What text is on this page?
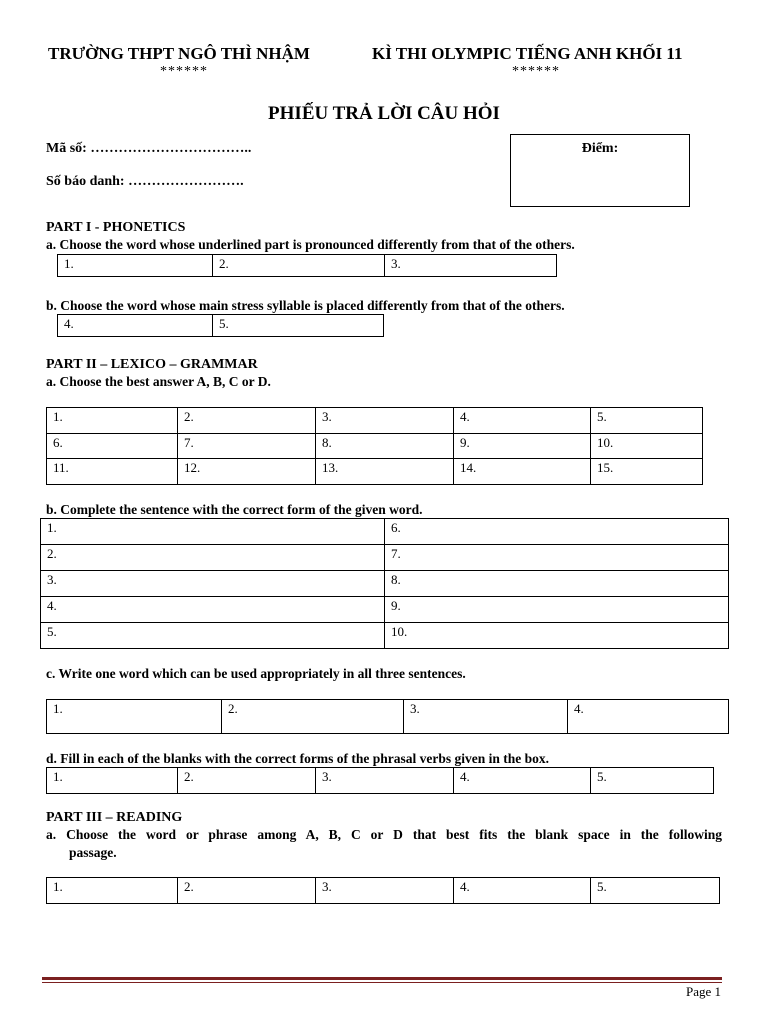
TRƯỜNG THPT NGÔ THÌ NHẬM
******
KÌ THI OLYMPIC TIẾNG ANH KHỐI 11
******
PHIẾU TRẢ LỜI CÂU HỎI
Mã số: ……………………………..
Số báo danh: …………………….
Điểm:
PART I - PHONETICS
a. Choose the word whose underlined part is pronounced differently from that of the others.
1.	2.	3.
b. Choose the word whose main stress syllable is placed differently from that of the others.
4.	5.
PART II – LEXICO – GRAMMAR
a. Choose the best answer A, B, C or D.
1.	2.	3.	4.	5.
6.	7.	8.	9.	10.
11.	12.	13.	14.	15.
b. Complete the sentence with the correct form of the given word.
1.	6.
2.	7.
3.	8.
4.	9.
5.	10.
c. Write one word which can be used appropriately in all three sentences.
1.	2.	3.	4.
d. Fill in each of the blanks with the correct forms of the phrasal verbs given in the box.
1.	2.	3.	4.	5.
PART III – READING
a. Choose the word or phrase among A, B, C or D that best fits the blank space in the following
passage.
1.	2.	3.	4.	5.
Page 1
